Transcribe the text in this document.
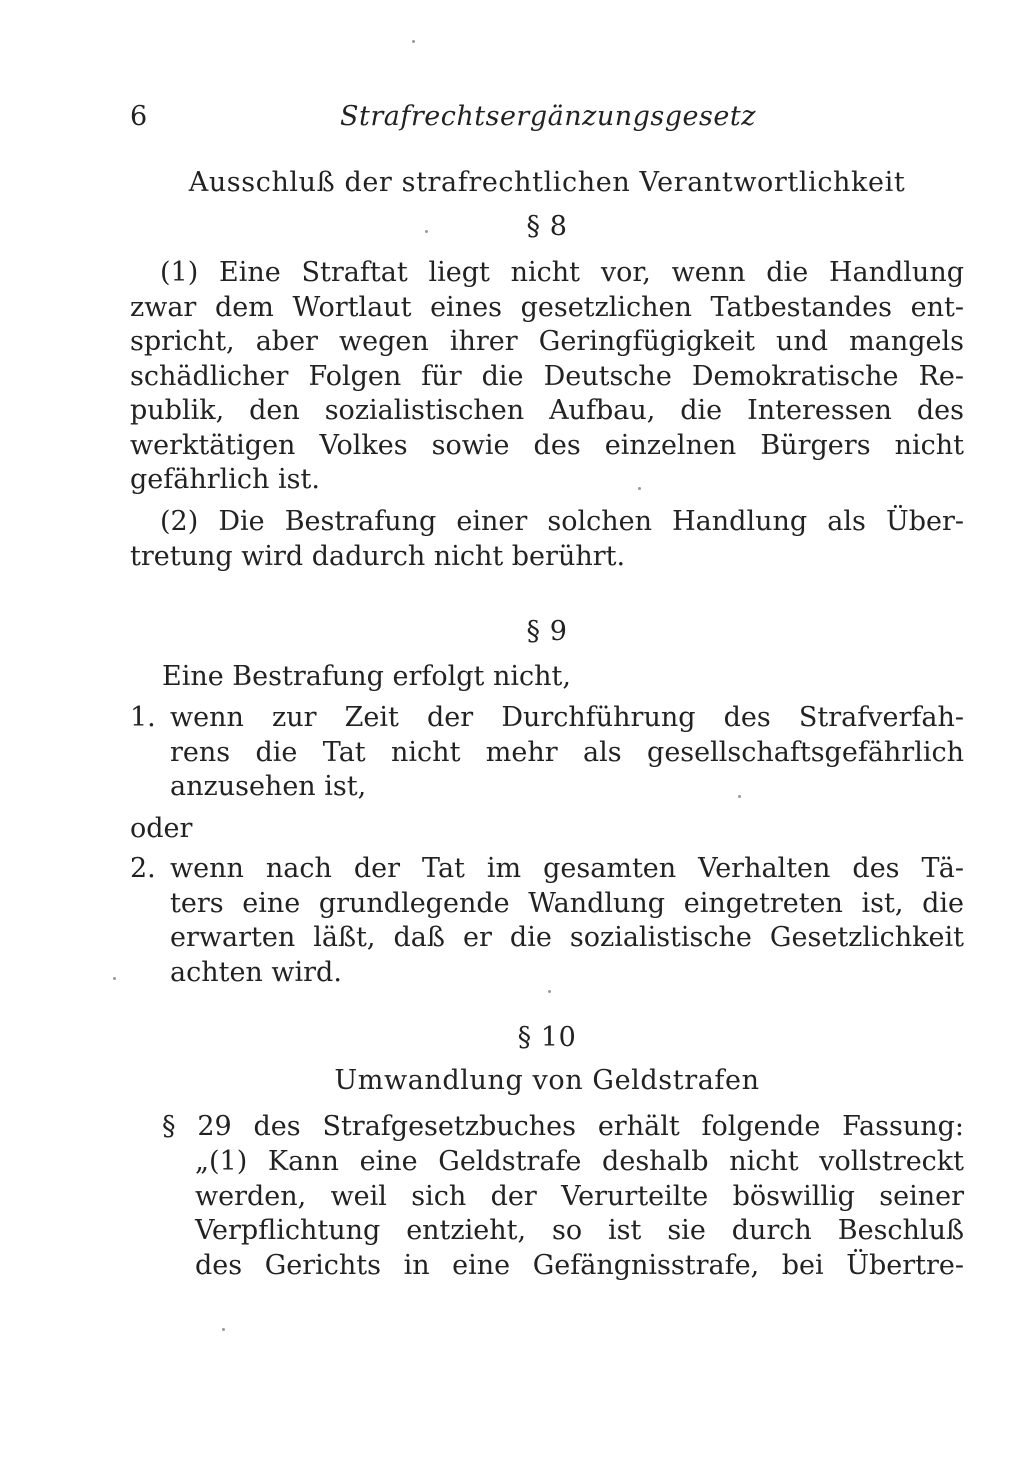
6	Strafrechtsergänzungsgesetz
Ausschluß der strafrechtlichen Verantwortlichkeit
§ 8
(1) Eine Straftat liegt nicht vor, wenn die Handlung
zwar dem Wortlaut eines gesetzlichen Tatbestandes ent-
spricht, aber wegen ihrer Geringfügigkeit und mangels
schädlicher Folgen für die Deutsche Demokratische Re-
publik, den sozialistischen Aufbau, die Interessen des
werktätigen Volkes sowie des einzelnen Bürgers nicht
gefährlich ist.
(2) Die Bestrafung einer solchen Handlung als Über-
tretung wird dadurch nicht berührt.
§ 9
Eine Bestrafung erfolgt nicht,
1. wenn zur Zeit der Durchführung des Strafverfah-
rens die Tat nicht mehr als gesellschaftsgefährlich
anzusehen ist,
oder
2. wenn nach der Tat im gesamten Verhalten des Tä-
ters eine grundlegende Wandlung eingetreten ist, die
erwarten läßt, daß er die sozialistische Gesetzlichkeit
achten wird.
§ 10
Umwandlung von Geldstrafen
§ 29 des Strafgesetzbuches erhält folgende Fassung:
„(1) Kann eine Geldstrafe deshalb nicht vollstreckt
werden, weil sich der Verurteilte böswillig seiner
Verpflichtung entzieht, so ist sie durch Beschluß
des Gerichts in eine Gefängnisstrafe, bei Übertre-
